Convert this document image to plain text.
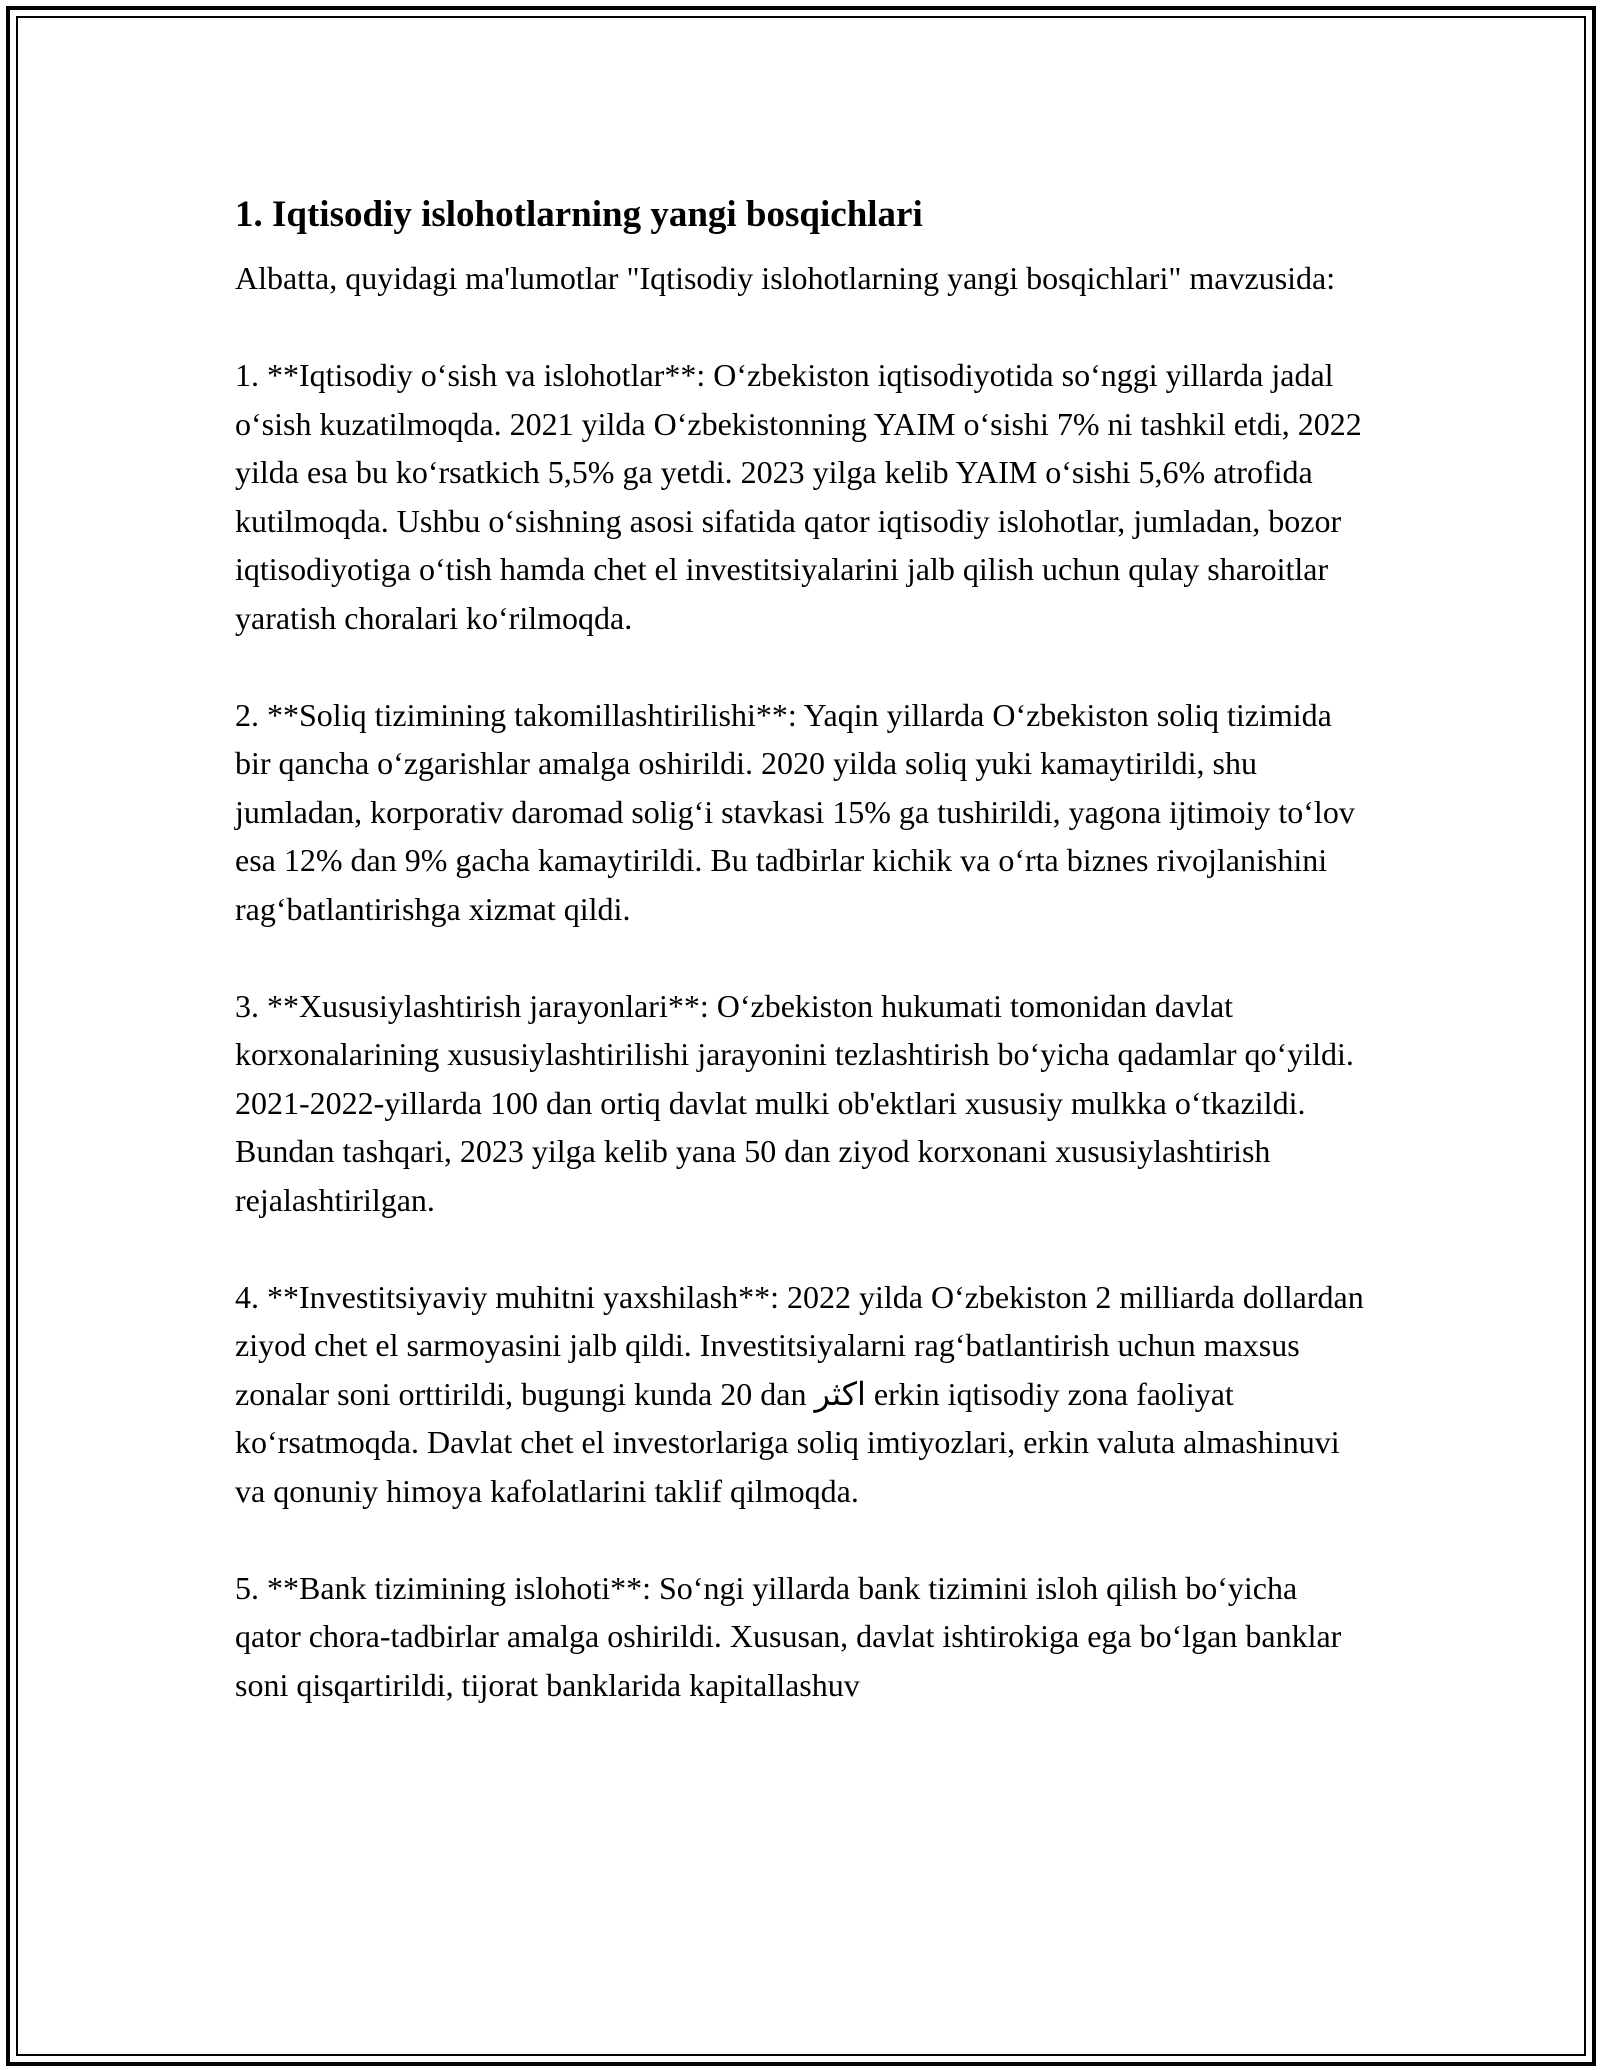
1. Iqtisodiy islohotlarning yangi bosqichlari

Albatta, quyidagi ma'lumotlar "Iqtisodiy islohotlarning yangi bosqichlari" mavzusida:

1. **Iqtisodiy o‘sish va islohotlar**: O‘zbekiston iqtisodiyotida so‘nggi yillarda jadal o‘sish kuzatilmoqda. 2021 yilda O‘zbekistonning YAIM o‘sishi 7% ni tashkil etdi, 2022 yilda esa bu ko‘rsatkich 5,5% ga yetdi. 2023 yilga kelib YAIM o‘sishi 5,6% atrofida kutilmoqda. Ushbu o‘sishning asosi sifatida qator iqtisodiy islohotlar, jumladan, bozor iqtisodiyotiga o‘tish hamda chet el investitsiyalarini jalb qilish uchun qulay sharoitlar yaratish choralari ko‘rilmoqda.

2. **Soliq tizimining takomillashtirilishi**: Yaqin yillarda O‘zbekiston soliq tizimida bir qancha o‘zgarishlar amalga oshirildi. 2020 yilda soliq yuki kamaytirildi, shu jumladan, korporativ daromad solig‘i stavkasi 15% ga tushirildi, yagona ijtimoiy to‘lov esa 12% dan 9% gacha kamaytirildi. Bu tadbirlar kichik va o‘rta biznes rivojlanishini rag‘batlantirishga xizmat qildi.

3. **Xususiylashtirish jarayonlari**: O‘zbekiston hukumati tomonidan davlat korxonalarining xususiylashtirilishi jarayonini tezlashtirish bo‘yicha qadamlar qo‘yildi. 2021-2022-yillarda 100 dan ortiq davlat mulki ob'ektlari xususiy mulkka o‘tkazildi. Bundan tashqari, 2023 yilga kelib yana 50 dan ziyod korxonani xususiylashtirish rejalashtirilgan.

4. **Investitsiyaviy muhitni yaxshilash**: 2022 yilda O‘zbekiston 2 milliarda dollardan ziyod chet el sarmoyasini jalb qildi. Investitsiyalarni rag‘batlantirish uchun maxsus zonalar soni orttirildi, bugungi kunda 20 dan اكثر erkin iqtisodiy zona faoliyat ko‘rsatmoqda. Davlat chet el investorlariga soliq imtiyozlari, erkin valuta almashinuvi va qonuniy himoya kafolatlarini taklif qilmoqda.

5. **Bank tizimining islohoti**: So‘ngi yillarda bank tizimini isloh qilish bo‘yicha qator chora-tadbirlar amalga oshirildi. Xususan, davlat ishtirokiga ega bo‘lgan banklar soni qisqartirildi, tijorat banklarida kapitallashuv
